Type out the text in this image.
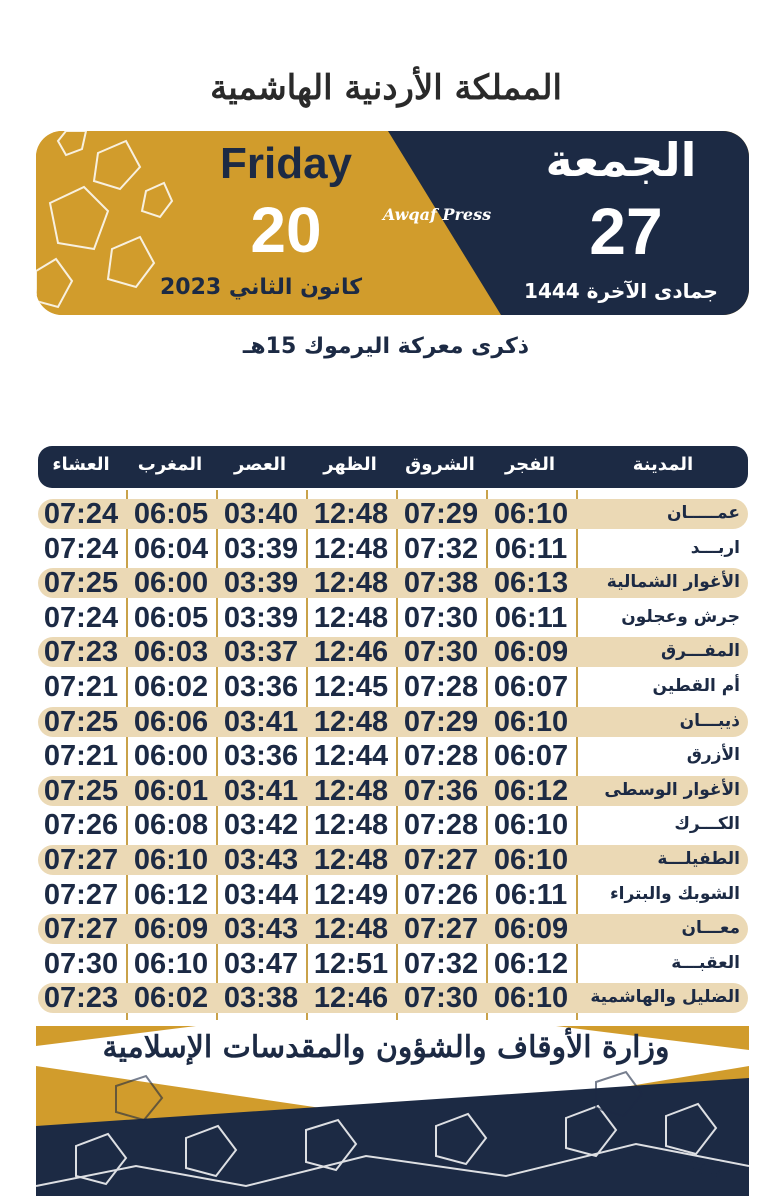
المملكة الأردنية الهاشمية
Friday
20
كانون الثاني 2023
Awqaf Press
الجمعة
27
جمادى الآخرة 1444
ذكرى معركة اليرموك 15هـ
العشاء	المغرب	العصر	الظهر	الشروق	الفجر	المدينة
عمـــــان
07:24 06:05 03:40 12:48 07:29 06:10
اربـــد
07:24 06:04 03:39 12:48 07:32 06:11
الأغوار الشمالية
07:25 06:00 03:39 12:48 07:38 06:13
جرش وعجلون
07:24 06:05 03:39 12:48 07:30 06:11
المفـــرق
07:23 06:03 03:37 12:46 07:30 06:09
أم القطين
07:21 06:02 03:36 12:45 07:28 06:07
ذيبـــان
07:25 06:06 03:41 12:48 07:29 06:10
الأزرق
07:21 06:00 03:36 12:44 07:28 06:07
الأغوار الوسطى
07:25 06:01 03:41 12:48 07:36 06:12
الكـــرك
07:26 06:08 03:42 12:48 07:28 06:10
الطفيلـــة
07:27 06:10 03:43 12:48 07:27 06:10
الشوبك والبتراء
07:27 06:12 03:44 12:49 07:26 06:11
معـــان
07:27 06:09 03:43 12:48 07:27 06:09
العقبـــة
07:30 06:10 03:47 12:51 07:32 06:12
الضليل والهاشمية
07:23 06:02 03:38 12:46 07:30 06:10
وزارة الأوقاف والشؤون والمقدسات الإسلامية
بريشة الأوقاف
MQ
